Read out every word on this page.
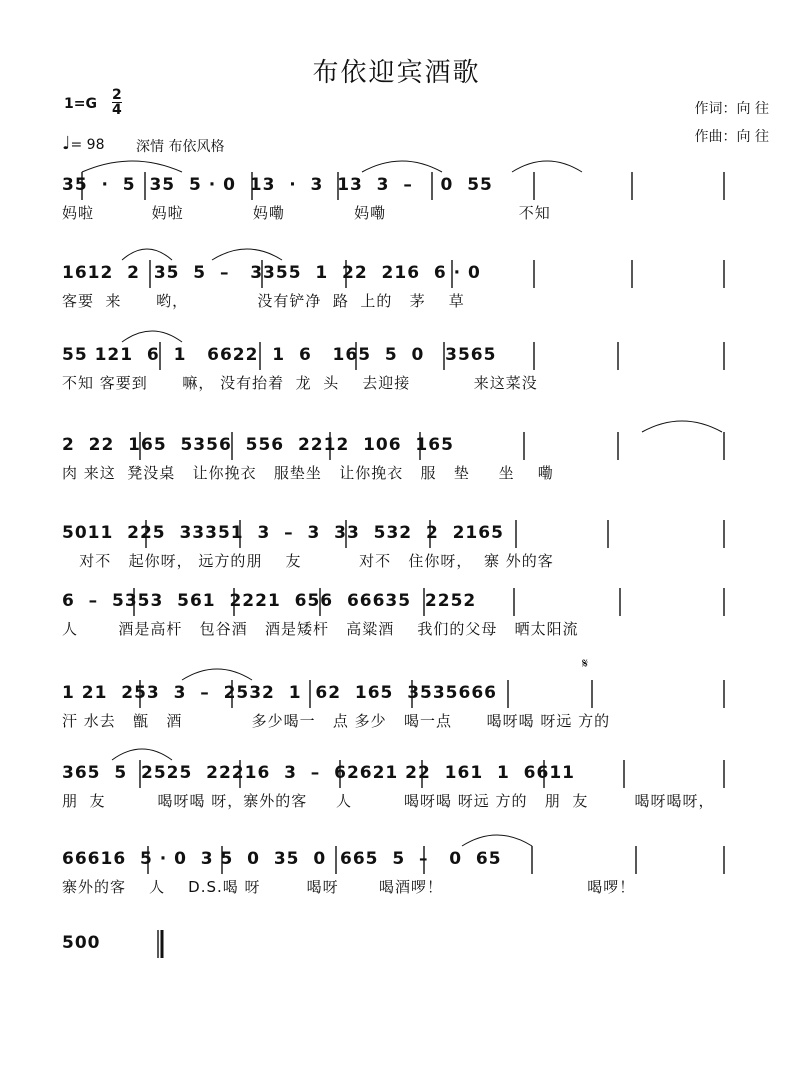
布依迎宾酒歌
1=G
2
4
♩= 98 深情 布依风格
作词：向 往
作曲：向 往
𝄋
35  ·  5  35  5 · 0  13  ·  3  13  3  –    0  55
妈啦          妈啦            妈嘞            妈嘞                       不知
1612  2  35  5  –   3355  1  22  216  6 · 0
客要  来      哟，            没有铲净  路  上的   茅    草
55 121  6  1   6622  1  6   165  5  0   3565
不知 客要到      嘛， 没有抬着  龙  头    去迎接           来这菜没
2  22  165  5356  556  2212  106  165
肉 来这  凳没桌   让你挽衣   服垫坐   让你挽衣   服   垫     坐    嘞
5011  225  33351  3  –  3  33  532  2  2165
对不   起你呀， 远方的朋    友          对不   住你呀，  寨 外的客
6  –  5353  561  2221  656  66635  2252
人       酒是高杆   包谷酒   酒是矮杆   高粱酒    我们的父母   晒太阳流
1 21  253  3  –  2532  1  62  165  3535666
汗 水去   甑   酒            多少喝一   点 多少   喝一点      喝呀喝 呀远 方的
365  5  2525  22216  3  –  62621 22  161  1  6611
朋  友         喝呀喝 呀，寨外的客     人         喝呀喝 呀远 方的   朋  友        喝呀喝呀，
66616  5 · 0  3 5  0  35  0  665  5  –   0  65
寨外的客    人    D.S.喝 呀        喝呀       喝酒啰！                         喝啰！
500
